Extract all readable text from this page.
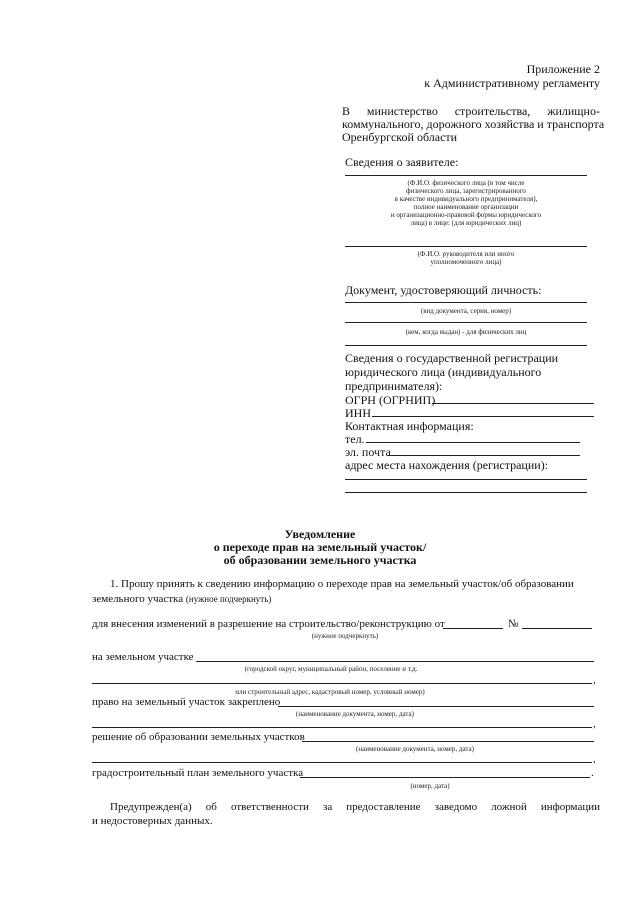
Приложение 2
к Административному регламенту
В министерство строительства, жилищно-
коммунального, дорожного хозяйства и транспорта
Оренбургской области
Сведения о заявителе:
(Ф.И.О. физического лица (в том числе
физического лица, зарегистрированного
в качестве индивидуального предпринимателя),
полное наименование организации
и организационно-правовой формы юридического
лица) в лице: (для юридических лиц)
(Ф.И.О. руководителя или иного
уполномоченного лица)
Документ, удостоверяющий личность:
(вид документа, серия, номер)
(кем, когда выдан) - для физических лиц
Сведения о государственной регистрации
юридического лица (индивидуального
предпринимателя):
ОГРН (ОГРНИП)
ИНН
Контактная информация:
тел.
эл. почта
адрес места нахождения (регистрации):
Уведомление
о переходе прав на земельный участок/
об образовании земельного участка
1. Прошу принять к сведению информацию о переходе прав на земельный участок/об образовании
земельного участка (нужное подчеркнуть)
для внесения изменений в разрешение на строительство/реконструкцию от	№
(нужное подчеркнуть)
на земельном участке
(городской округ, муниципальный район, поселение и т.д.
,
или строительный адрес, кадастровый номер, условный номер)
право на земельный участок закреплено
(наименование документа, номер, дата)
,
решение об образовании земельных участков
(наименование документа, номер, дата)
,
градостроительный план земельного участка	.
(номер, дата)
Предупрежден(а) об ответственности за предоставление заведомо ложной информации
и недостоверных данных.
